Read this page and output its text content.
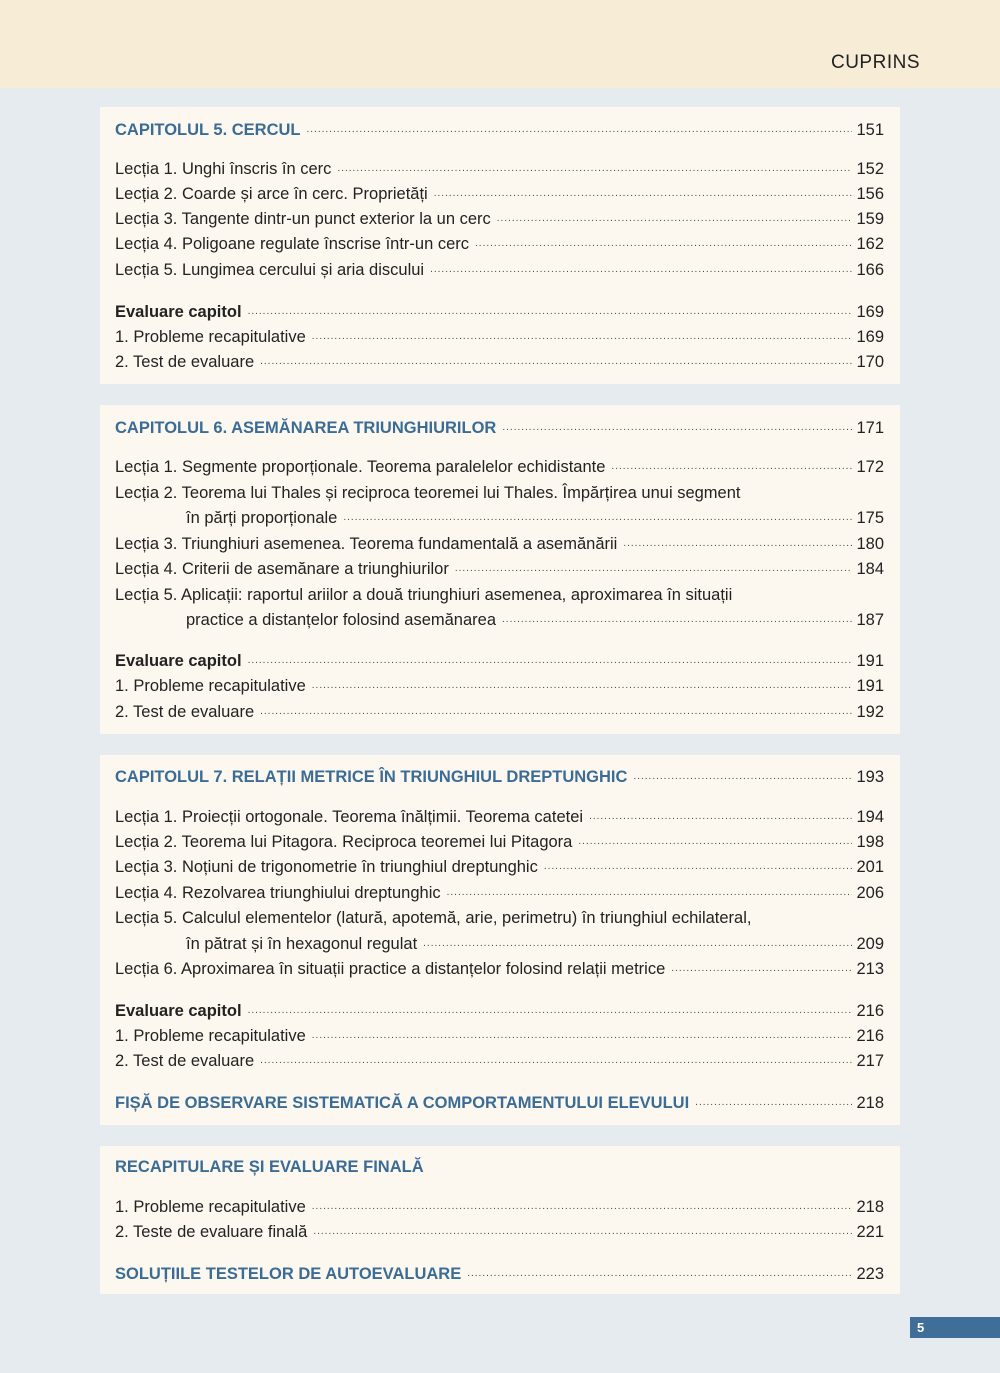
CUPRINS
CAPITOLUL 5. CERCUL .....	151
Lecția 1. Unghi înscris în cerc .....	152
Lecția 2. Coarde și arce în cerc. Proprietăți .....	156
Lecția 3. Tangente dintr-un punct exterior la un cerc .....	159
Lecția 4. Poligoane regulate înscrise într-un cerc .....	162
Lecția 5. Lungimea cercului și aria discului .....	166
Evaluare capitol .....	169
1. Probleme recapitulative .....	169
2. Test de evaluare .....	170
CAPITOLUL 6. ASEMĂNAREA TRIUNGHIURILOR .....	171
Lecția 1. Segmente proporționale. Teorema paralelelor echidistante .....	172
Lecția 2. Teorema lui Thales și reciproca teoremei lui Thales. Împărțirea unui segment
în părți proporționale .....	175
Lecția 3. Triunghiuri asemenea. Teorema fundamentală a asemănării .....	180
Lecția 4. Criterii de asemănare a triunghiurilor .....	184
Lecția 5. Aplicații: raportul ariilor a două triunghiuri asemenea, aproximarea în situații
practice a distanțelor folosind asemănarea .....	187
Evaluare capitol .....	191
1. Probleme recapitulative .....	191
2. Test de evaluare .....	192
CAPITOLUL 7. RELAȚII METRICE ÎN TRIUNGHIUL DREPTUNGHIC .....	193
Lecția 1. Proiecții ortogonale. Teorema înălțimii. Teorema catetei .....	194
Lecția 2. Teorema lui Pitagora. Reciproca teoremei lui Pitagora .....	198
Lecția 3. Noțiuni de trigonometrie în triunghiul dreptunghic .....	201
Lecția 4. Rezolvarea triunghiului dreptunghic .....	206
Lecția 5. Calculul elementelor (latură, apotemă, arie, perimetru) în triunghiul echilateral,
în pătrat și în hexagonul regulat .....	209
Lecția 6. Aproximarea în situații practice a distanțelor folosind relații metrice .....	213
Evaluare capitol .....	216
1. Probleme recapitulative .....	216
2. Test de evaluare .....	217
FIȘĂ DE OBSERVARE SISTEMATICĂ A COMPORTAMENTULUI ELEVULUI .....	218
RECAPITULARE ȘI EVALUARE FINALĂ
1. Probleme recapitulative .....	218
2. Teste de evaluare finală .....	221
SOLUȚIILE TESTELOR DE AUTOEVALUARE .....	223
5
